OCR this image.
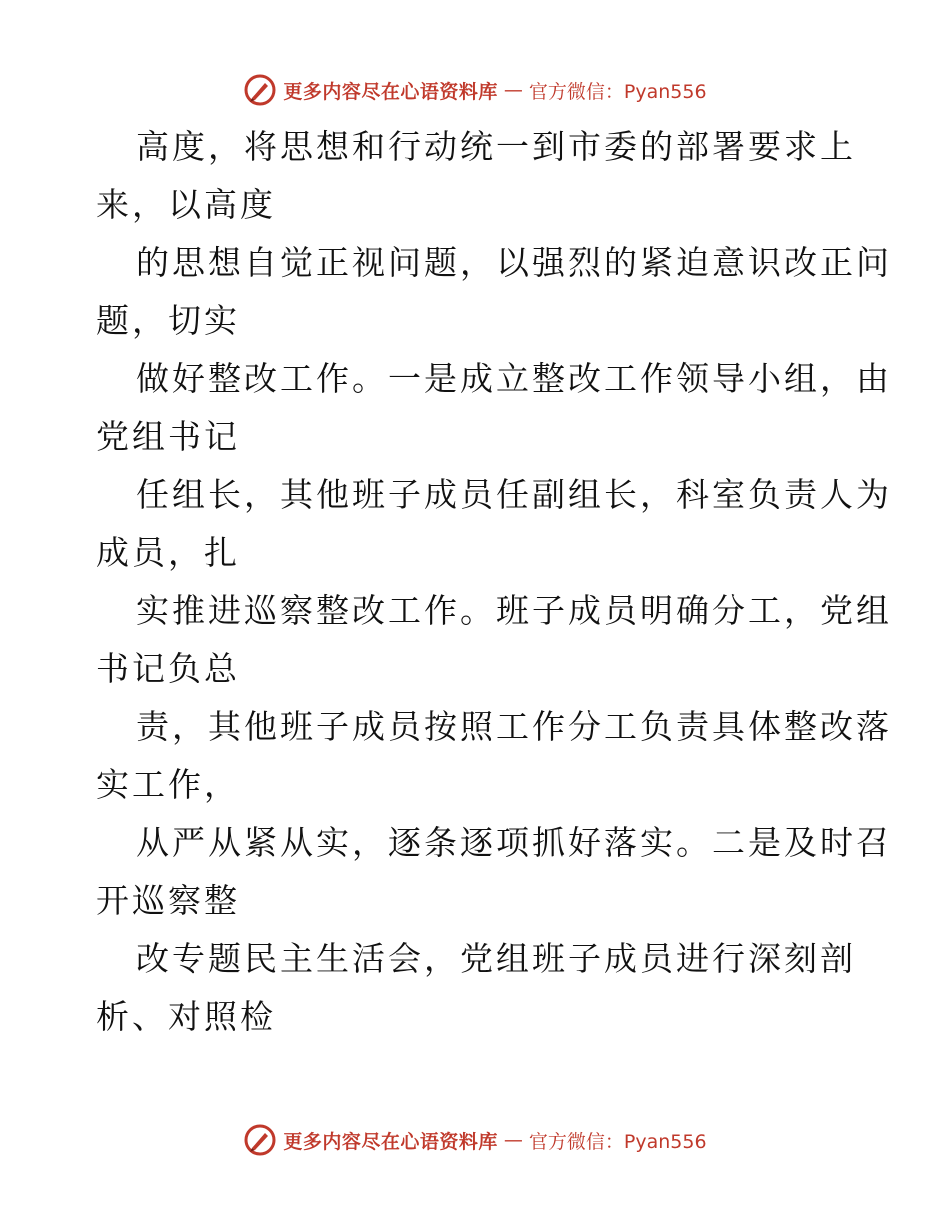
更多内容尽在心语资料库 — 官方微信：Pyan556
高度，将思想和行动统一到市委的部署要求上
来，以高度
的思想自觉正视问题，以强烈的紧迫意识改正问
题，切实
做好整改工作。一是成立整改工作领导小组，由
党组书记
任组长，其他班子成员任副组长，科室负责人为
成员，扎
实推进巡察整改工作。班子成员明确分工，党组
书记负总
责，其他班子成员按照工作分工负责具体整改落
实工作，
从严从紧从实，逐条逐项抓好落实。二是及时召
开巡察整
改专题民主生活会，党组班子成员进行深刻剖
析、对照检
更多内容尽在心语资料库 — 官方微信：Pyan556
